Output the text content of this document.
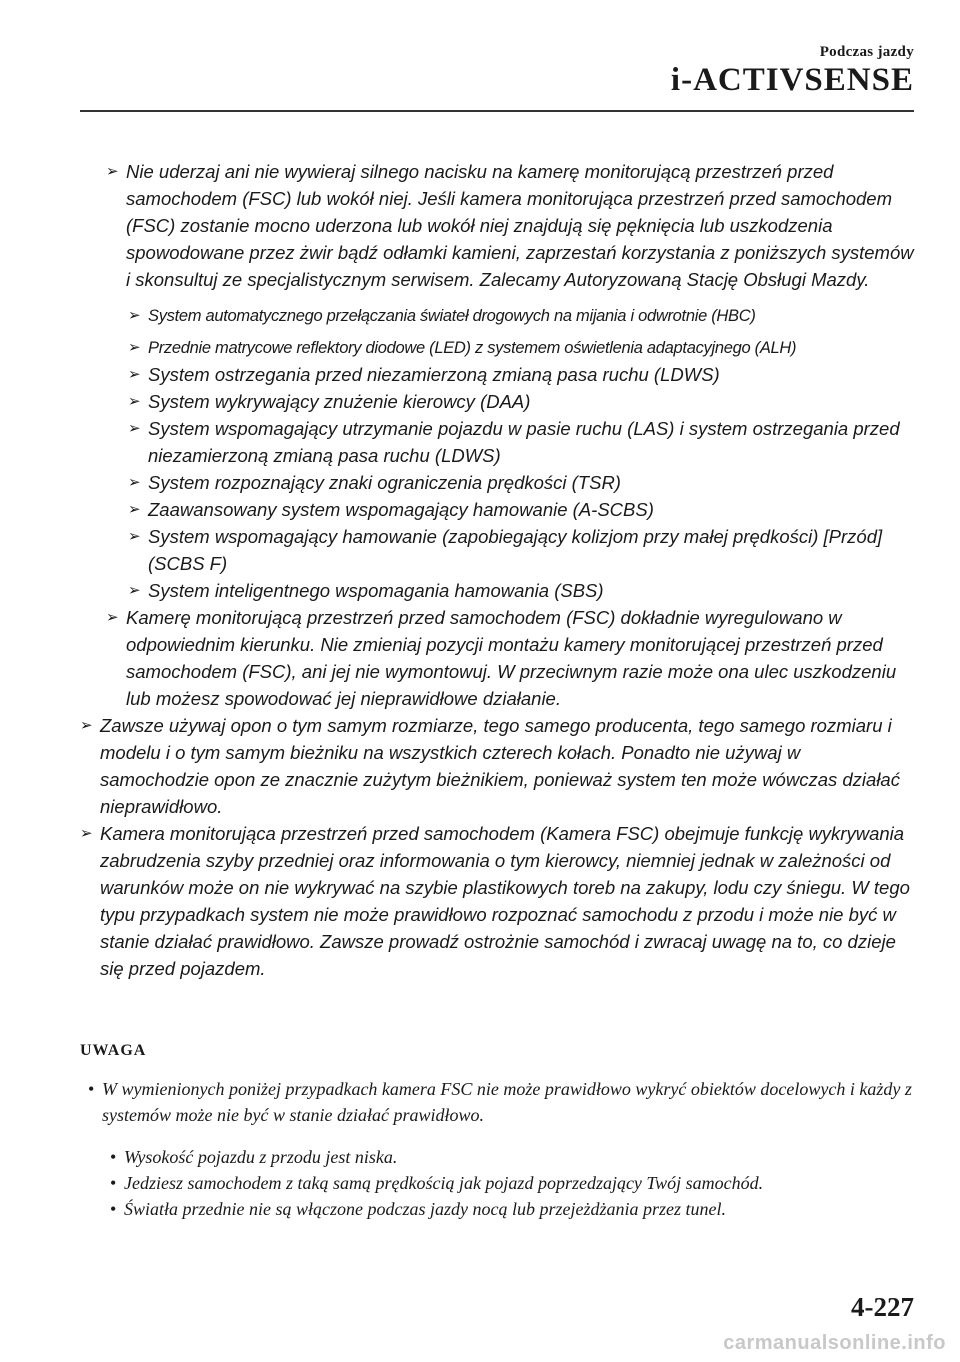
Podczas jazdy
i-ACTIVSENSE

➢ Nie uderzaj ani nie wywieraj silnego nacisku na kamerę monitorującą przestrzeń przed samochodem (FSC) lub wokół niej. Jeśli kamera monitorująca przestrzeń przed samochodem (FSC) zostanie mocno uderzona lub wokół niej znajdują się pęknięcia lub uszkodzenia spowodowane przez żwir bądź odłamki kamieni, zaprzestań korzystania z poniższych systemów i skonsultuj ze specjalistycznym serwisem. Zalecamy Autoryzowaną Stację Obsługi Mazdy.

➢ System automatycznego przełączania świateł drogowych na mijania i odwrotnie (HBC)

➢ Przednie matrycowe reflektory diodowe (LED) z systemem oświetlenia adaptacyjnego (ALH)

➢ System ostrzegania przed niezamierzoną zmianą pasa ruchu (LDWS)

➢ System wykrywający znużenie kierowcy (DAA)

➢ System wspomagający utrzymanie pojazdu w pasie ruchu (LAS) i system ostrzegania przed niezamierzoną zmianą pasa ruchu (LDWS)

➢ System rozpoznający znaki ograniczenia prędkości (TSR)

➢ Zaawansowany system wspomagający hamowanie (A-SCBS)

➢ System wspomagający hamowanie (zapobiegający kolizjom przy małej prędkości) [Przód] (SCBS F)

➢ System inteligentnego wspomagania hamowania (SBS)

➢ Kamerę monitorującą przestrzeń przed samochodem (FSC) dokładnie wyregulowano w odpowiednim kierunku. Nie zmieniaj pozycji montażu kamery monitorującej przestrzeń przed samochodem (FSC), ani jej nie wymontowuj. W przeciwnym razie może ona ulec uszkodzeniu lub możesz spowodować jej nieprawidłowe działanie.

➢ Zawsze używaj opon o tym samym rozmiarze, tego samego producenta, tego samego rozmiaru i modelu i o tym samym bieżniku na wszystkich czterech kołach. Ponadto nie używaj w samochodzie opon ze znacznie zużytym bieżnikiem, ponieważ system ten może wówczas działać nieprawidłowo.

➢ Kamera monitorująca przestrzeń przed samochodem (Kamera FSC) obejmuje funkcję wykrywania zabrudzenia szyby przedniej oraz informowania o tym kierowcy, niemniej jednak w zależności od warunków może on nie wykrywać na szybie plastikowych toreb na zakupy, lodu czy śniegu. W tego typu przypadkach system nie może prawidłowo rozpoznać samochodu z przodu i może nie być w stanie działać prawidłowo. Zawsze prowadź ostrożnie samochód i zwracaj uwagę na to, co dzieje się przed pojazdem.

UWAGA
• W wymienionych poniżej przypadkach kamera FSC nie może prawidłowo wykryć obiektów docelowych i każdy z systemów może nie być w stanie działać prawidłowo.
• Wysokość pojazdu z przodu jest niska.
• Jedziesz samochodem z taką samą prędkością jak pojazd poprzedzający Twój samochód.
• Światła przednie nie są włączone podczas jazdy nocą lub przejeżdżania przez tunel.
4-227
carmanualsonline.info
